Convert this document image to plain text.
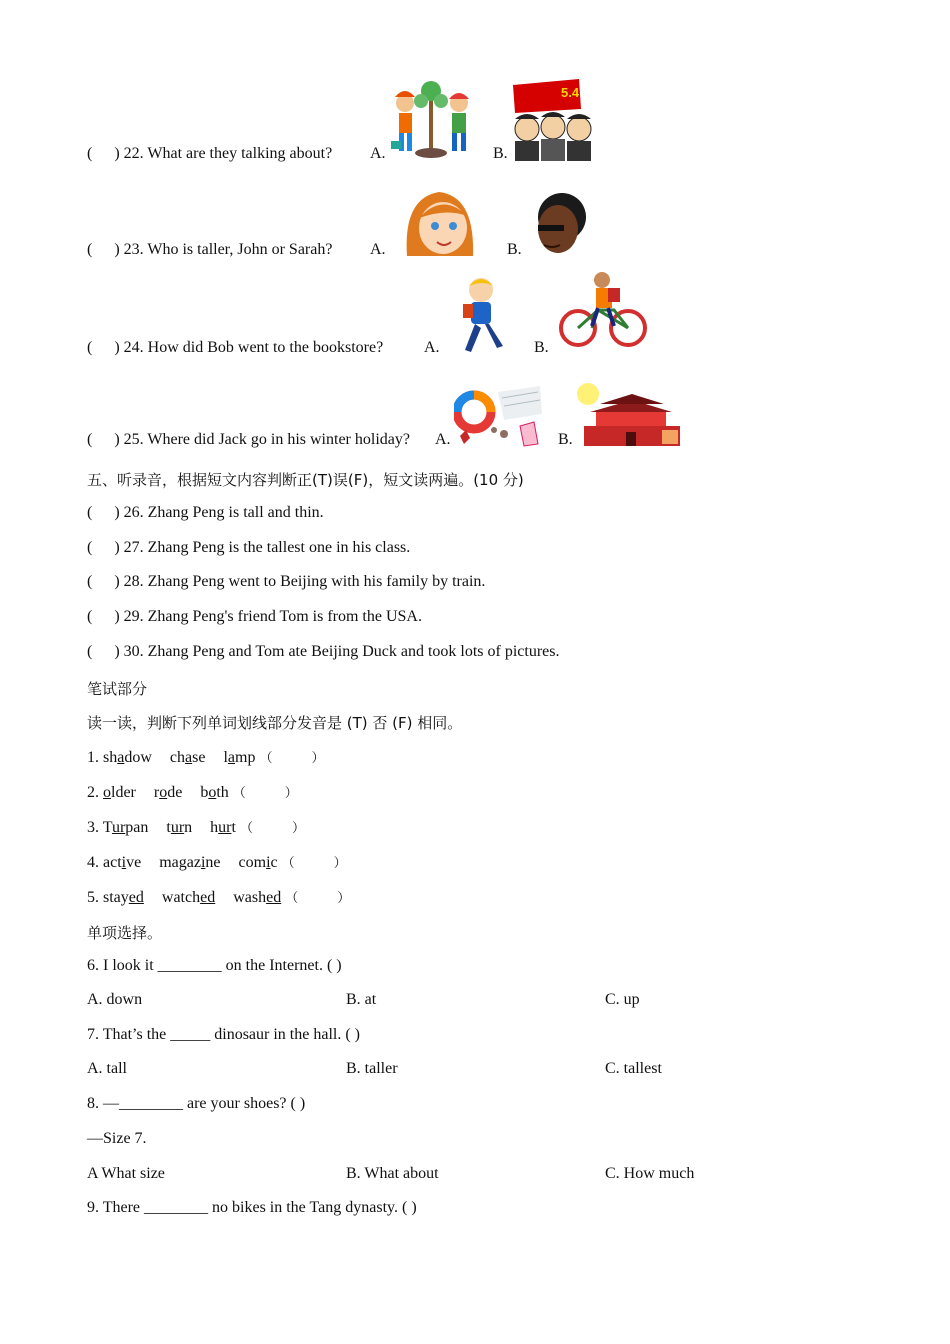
( ) 22. What are they talking about? A.	B.
5.4
( ) 23. Who is taller, John or Sarah? A.	B.
( ) 24. How did Bob went to the bookstore?	A.	B.
( ) 25. Where did Jack go in his winter holiday? A.	B.
五、听录音，根据短文内容判断正(T)误(F)，短文读两遍。(10 分)
( ) 26. Zhang Peng is tall and thin.
( ) 27. Zhang Peng is the tallest one in his class.
( ) 28. Zhang Peng went to Beijing with his family by train.
( ) 29. Zhang Peng's friend Tom is from the USA.
( ) 30. Zhang Peng and Tom ate Beijing Duck and took lots of pictures.
笔试部分
读一读，判断下列单词划线部分发音是 (T) 否 (F) 相同。
1. shadow chase lamp （　　　）
2. older rode both （　　　）
3. Turpan turn hurt （　　　）
4. active magazine comic （　　　）
5. stayed watched washed （　　　）
单项选择。
6. I look it ________ on the Internet. ( )
A. down	B. at	C. up
7. That’s the _____ dinosaur in the hall. ( )
A. tall	B. taller	C. tallest
8. —________ are your shoes? ( )
—Size 7.
A What size	B. What about	C. How much
9. There ________ no bikes in the Tang dynasty. ( )
